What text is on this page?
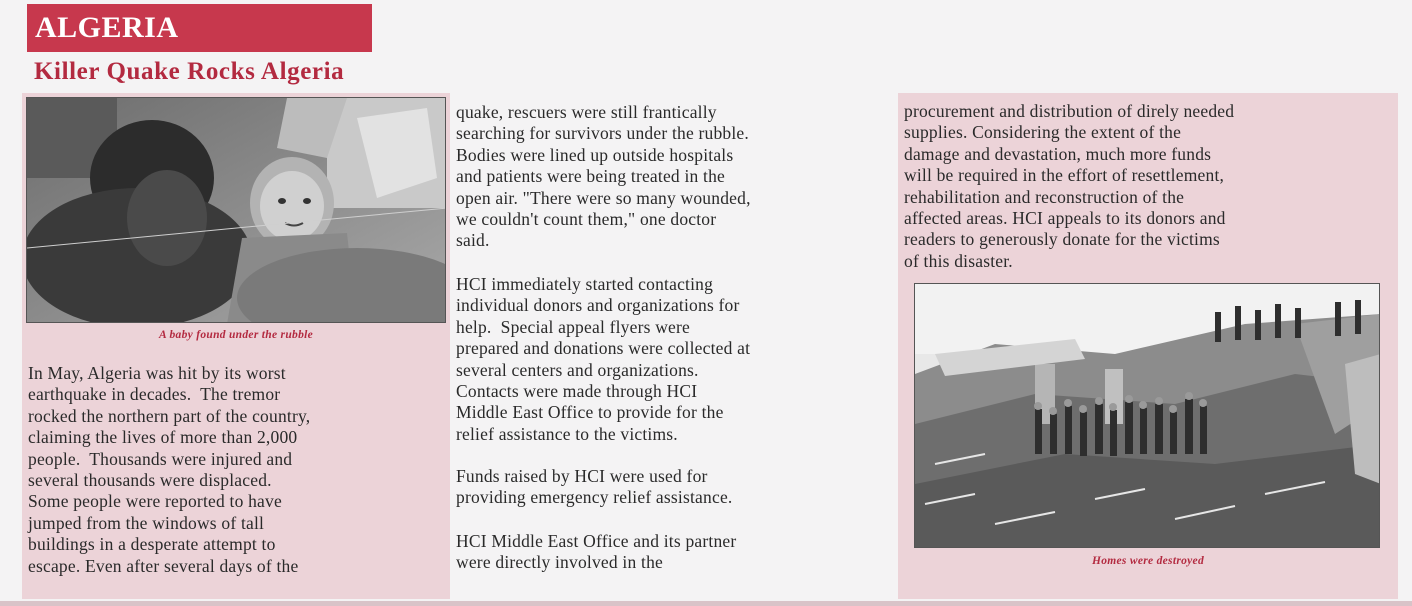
ALGERIA
Killer Quake Rocks Algeria
A baby found under the rubble
In May, Algeria was hit by its worst
earthquake in decades.  The tremor
rocked the northern part of the country,
claiming the lives of more than 2,000
people.  Thousands were injured and
several thousands were displaced.
Some people were reported to have
jumped from the windows of tall
buildings in a desperate attempt to
escape. Even after several days of the
quake, rescuers were still frantically
searching for survivors under the rubble.
Bodies were lined up outside hospitals
and patients were being treated in the
open air. "There were so many wounded,
we couldn't count them," one doctor
said.
HCI immediately started contacting
individual donors and organizations for
help.  Special appeal flyers were
prepared and donations were collected at
several centers and organizations.
Contacts were made through HCI
Middle East Office to provide for the
relief assistance to the victims.
Funds raised by HCI were used for
providing emergency relief assistance.
HCI Middle East Office and its partner
were directly involved in the
procurement and distribution of direly needed
supplies. Considering the extent of the
damage and devastation, much more funds
will be required in the effort of resettlement,
rehabilitation and reconstruction of the
affected areas. HCI appeals to its donors and
readers to generously donate for the victims
of this disaster.
Homes were destroyed
